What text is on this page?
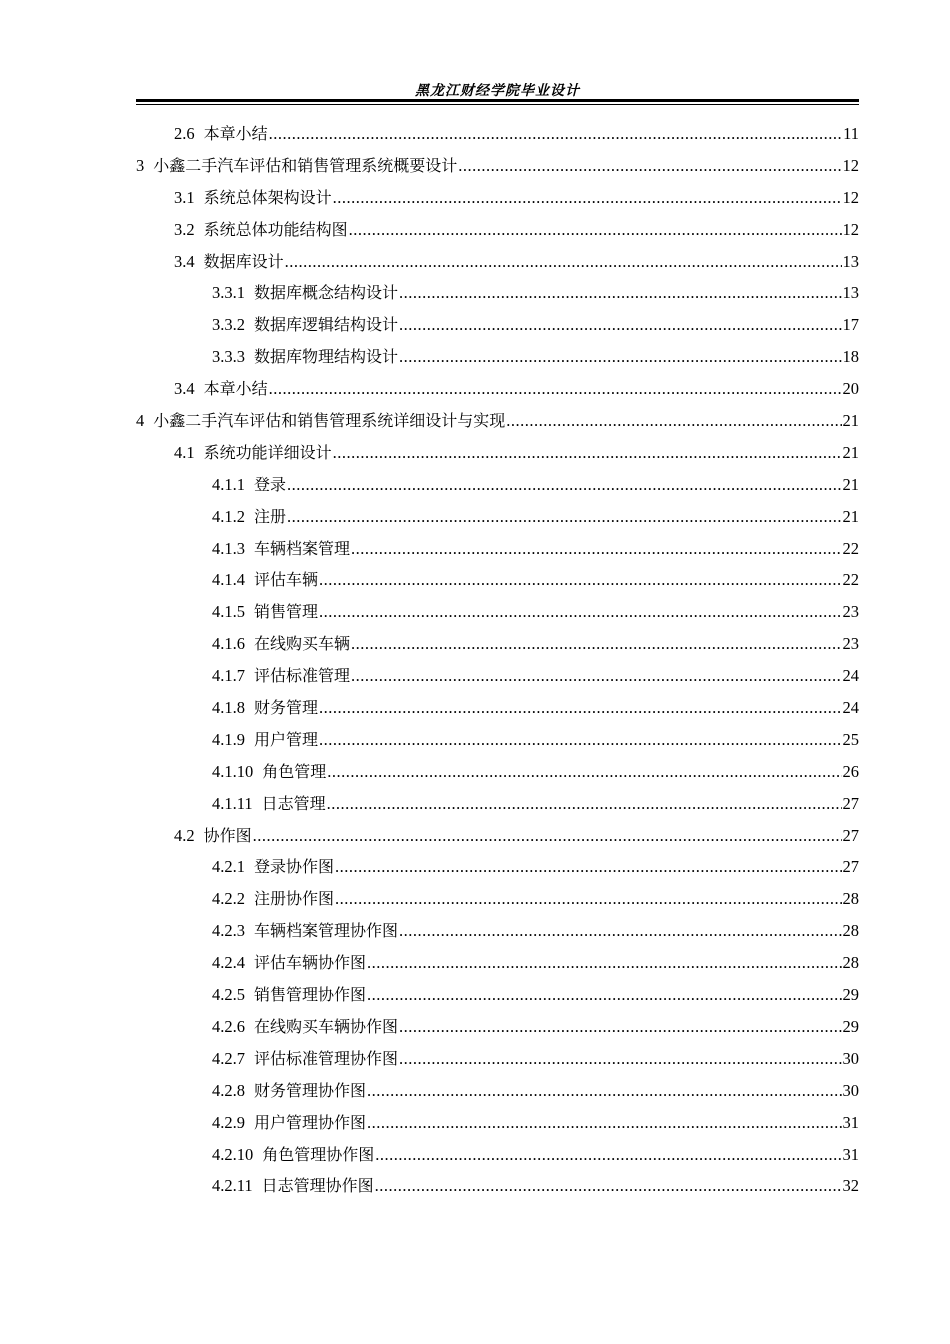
黑龙江财经学院毕业设计
2.6 本章小结 .....	11
3 小鑫二手汽车评估和销售管理系统概要设计 .....	12
3.1 系统总体架构设计 .....	12
3.2 系统总体功能结构图 .....	12
3.4 数据库设计 .....	13
3.3.1 数据库概念结构设计 .....	13
3.3.2 数据库逻辑结构设计 .....	17
3.3.3 数据库物理结构设计 .....	18
3.4 本章小结 .....	20
4 小鑫二手汽车评估和销售管理系统详细设计与实现 .....	21
4.1 系统功能详细设计 .....	21
4.1.1 登录 .....	21
4.1.2 注册 .....	21
4.1.3 车辆档案管理 .....	22
4.1.4 评估车辆 .....	22
4.1.5 销售管理 .....	23
4.1.6 在线购买车辆 .....	23
4.1.7 评估标准管理 .....	24
4.1.8 财务管理 .....	24
4.1.9 用户管理 .....	25
4.1.10 角色管理 .....	26
4.1.11 日志管理 .....	27
4.2 协作图 .....	27
4.2.1 登录协作图 .....	27
4.2.2 注册协作图 .....	28
4.2.3 车辆档案管理协作图 .....	28
4.2.4 评估车辆协作图 .....	28
4.2.5 销售管理协作图 .....	29
4.2.6 在线购买车辆协作图 .....	29
4.2.7 评估标准管理协作图 .....	30
4.2.8 财务管理协作图 .....	30
4.2.9 用户管理协作图 .....	31
4.2.10 角色管理协作图 .....	31
4.2.11 日志管理协作图 .....	32
